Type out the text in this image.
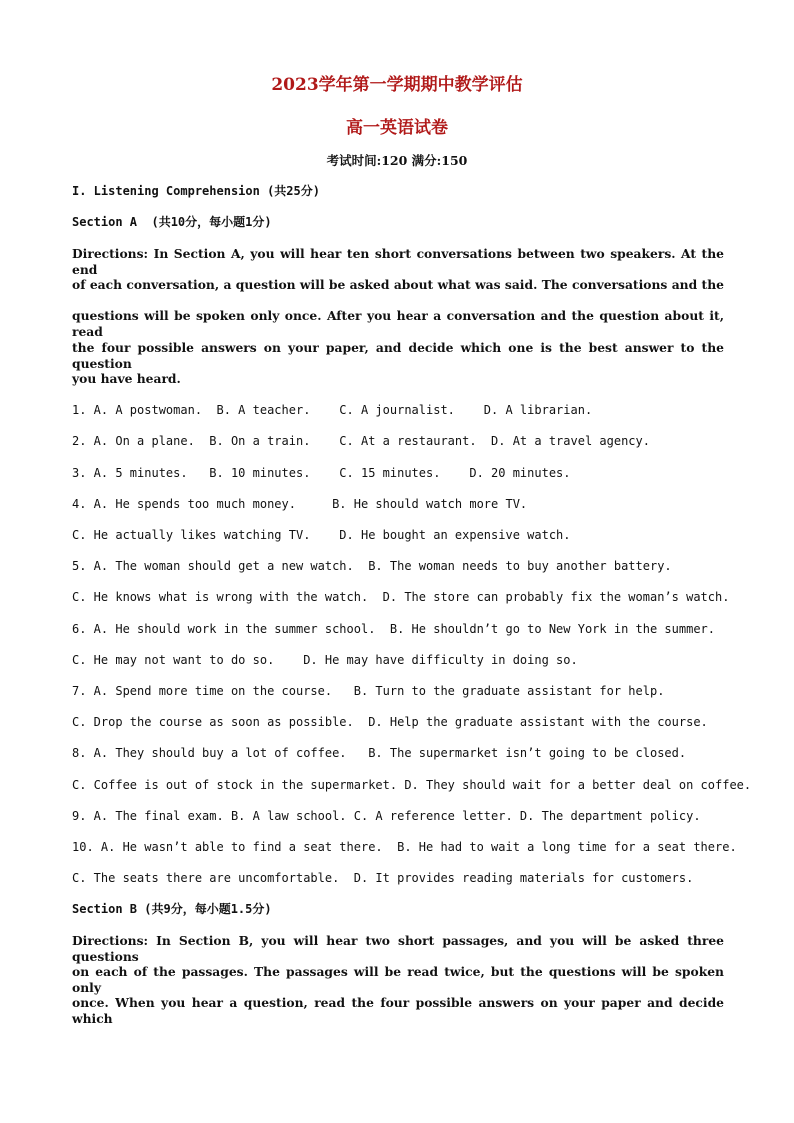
2023学年第一学期期中教学评估
高一英语试卷
考试时间:120 满分:150
I. Listening Comprehension (共25分)
Section A  (共10分，每小题1分)
Directions: In Section A, you will hear ten short conversations between two speakers. At the end
of each conversation, a question will be asked about what was said. The conversations and the
questions will be spoken only once. After you hear a conversation and the question about it, read
the four possible answers on your paper, and decide which one is the best answer to the question
you have heard.
1. A. A postwoman.  B. A teacher.    C. A journalist.    D. A librarian.
2. A. On a plane.  B. On a train.    C. At a restaurant.  D. At a travel agency.
3. A. 5 minutes.   B. 10 minutes.    C. 15 minutes.    D. 20 minutes.
4. A. He spends too much money.     B. He should watch more TV.
C. He actually likes watching TV.    D. He bought an expensive watch.
5. A. The woman should get a new watch.  B. The woman needs to buy another battery.
C. He knows what is wrong with the watch.  D. The store can probably fix the woman’s watch.
6. A. He should work in the summer school.  B. He shouldn’t go to New York in the summer.
C. He may not want to do so.    D. He may have difficulty in doing so.
7. A. Spend more time on the course.   B. Turn to the graduate assistant for help.
C. Drop the course as soon as possible.  D. Help the graduate assistant with the course.
8. A. They should buy a lot of coffee.   B. The supermarket isn’t going to be closed.
C. Coffee is out of stock in the supermarket. D. They should wait for a better deal on coffee.
9. A. The final exam. B. A law school. C. A reference letter. D. The department policy.
10. A. He wasn’t able to find a seat there.  B. He had to wait a long time for a seat there.
C. The seats there are uncomfortable.  D. It provides reading materials for customers.
Section B (共9分，每小题1.5分)
Directions: In Section B, you will hear two short passages, and you will be asked three questions
on each of the passages. The passages will be read twice, but the questions will be spoken only
once. When you hear a question, read the four possible answers on your paper and decide which
